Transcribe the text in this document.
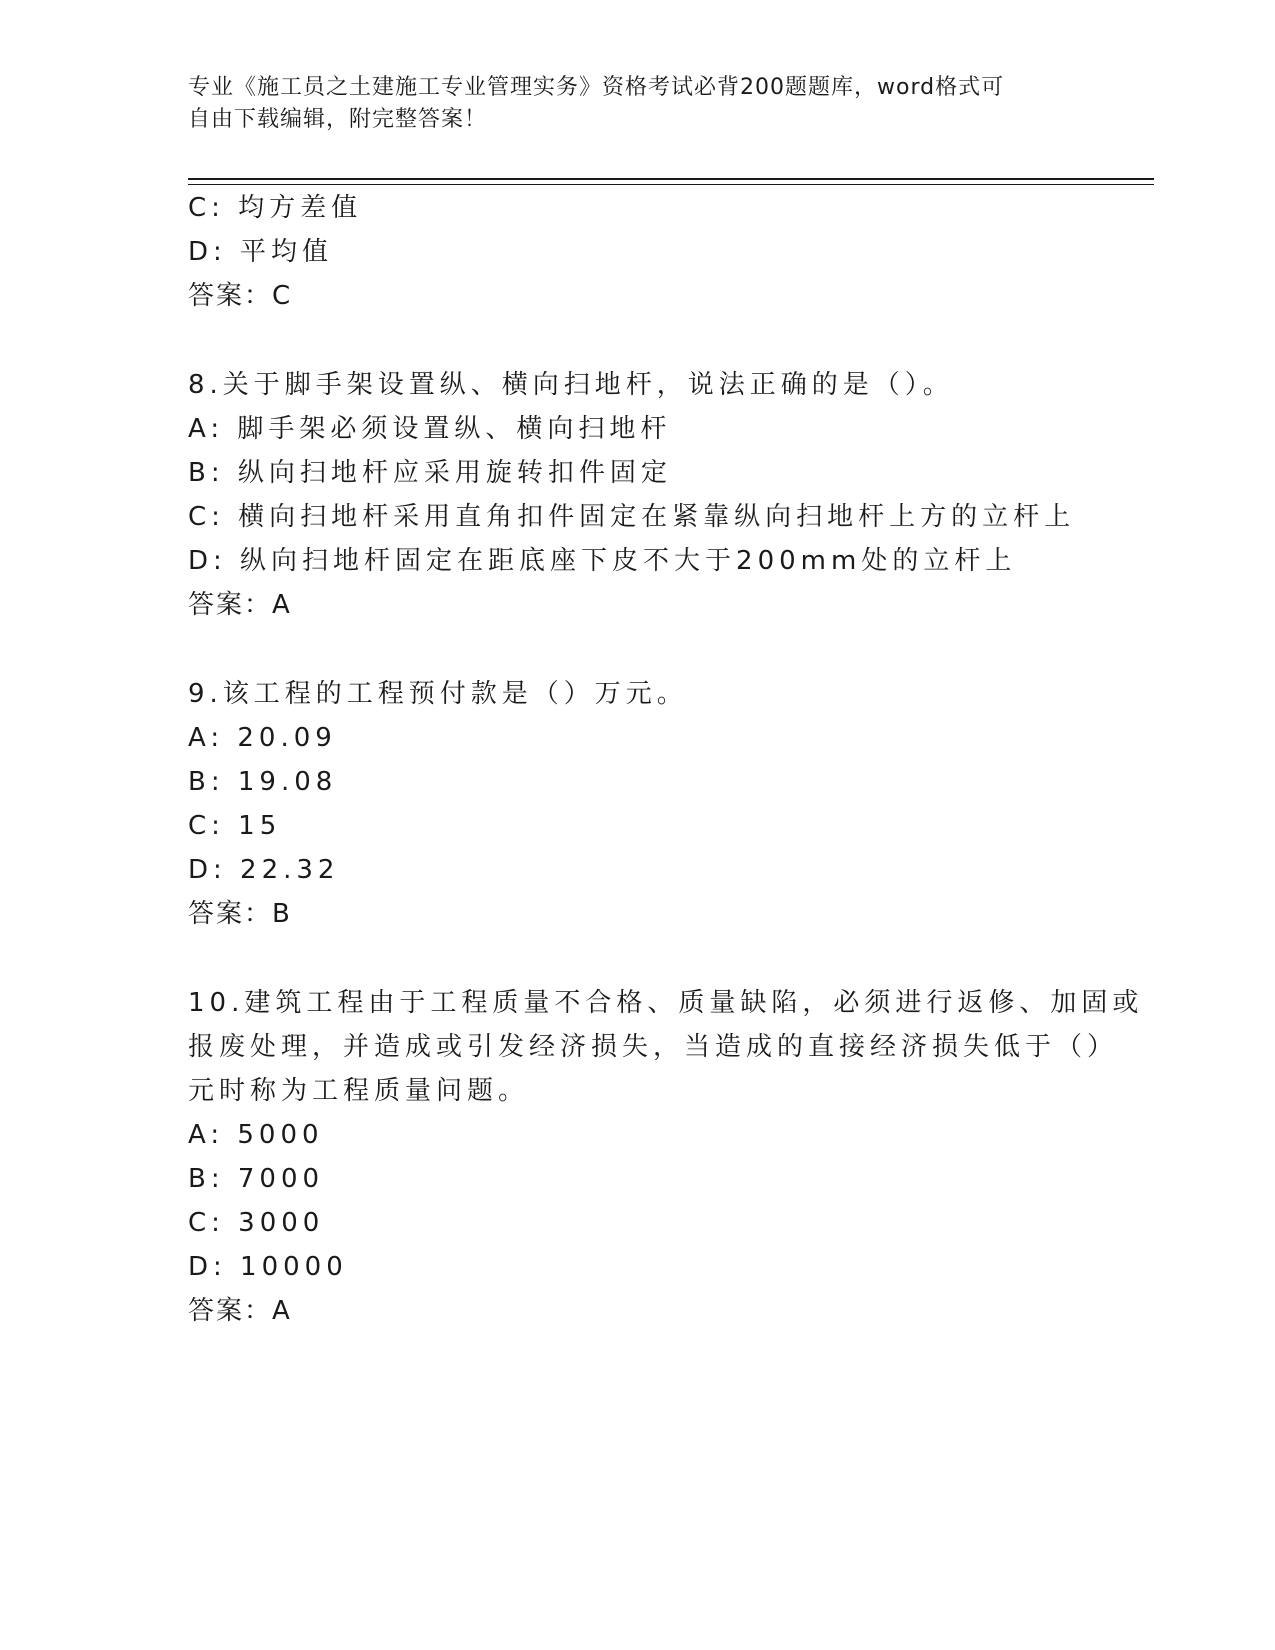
专业《施工员之土建施工专业管理实务》资格考试必背200题题库，word格式可
自由下载编辑，附完整答案！
C: 均方差值
D: 平均值
答案：C
8.关于脚手架设置纵、横向扫地杆，说法正确的是（）。
A: 脚手架必须设置纵、横向扫地杆
B: 纵向扫地杆应采用旋转扣件固定
C: 横向扫地杆采用直角扣件固定在紧靠纵向扫地杆上方的立杆上
D: 纵向扫地杆固定在距底座下皮不大于200mm处的立杆上
答案：A
9.该工程的工程预付款是（）万元。
A: 20.09
B: 19.08
C: 15
D: 22.32
答案：B
10.建筑工程由于工程质量不合格、质量缺陷，必须进行返修、加固或
报废处理，并造成或引发经济损失，当造成的直接经济损失低于（）
元时称为工程质量问题。
A: 5000
B: 7000
C: 3000
D: 10000
答案：A
